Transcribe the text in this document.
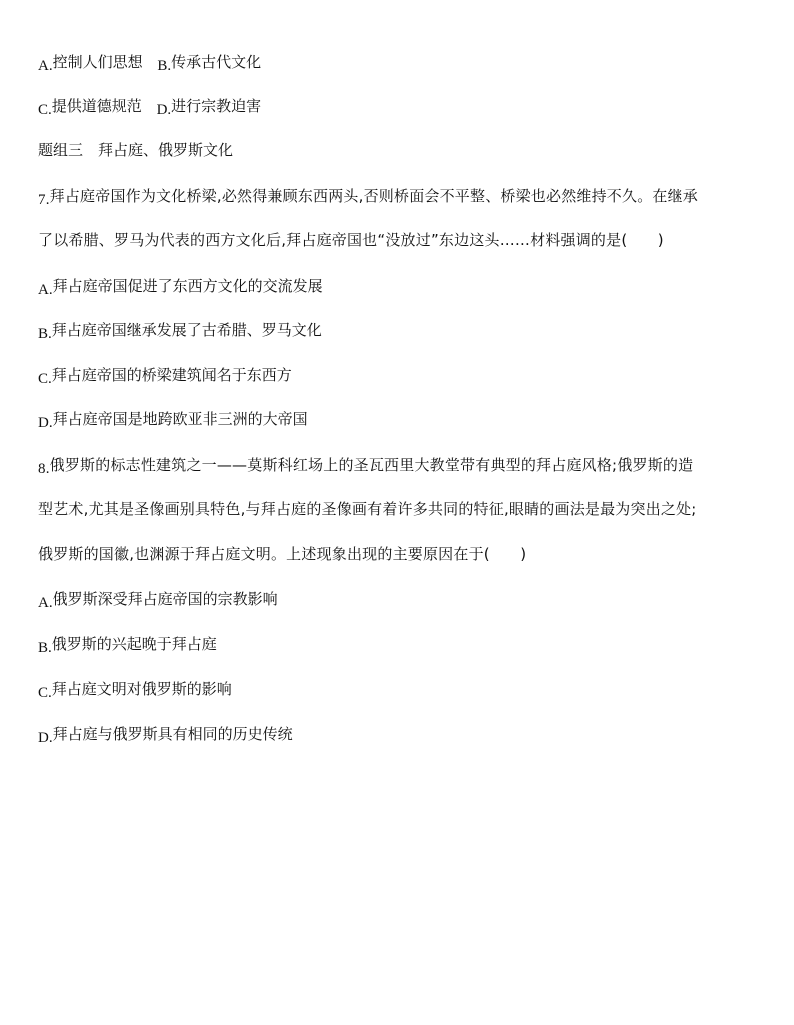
A.控制人们思想 B.传承古代文化
C.提供道德规范 D.进行宗教迫害
题组三　拜占庭、俄罗斯文化
7.拜占庭帝国作为文化桥梁,必然得兼顾东西两头,否则桥面会不平整、桥梁也必然维持不久。在继承
了以希腊、罗马为代表的西方文化后,拜占庭帝国也“没放过”东边这头……材料强调的是(　　)
A.拜占庭帝国促进了东西方文化的交流发展
B.拜占庭帝国继承发展了古希腊、罗马文化
C.拜占庭帝国的桥梁建筑闻名于东西方
D.拜占庭帝国是地跨欧亚非三洲的大帝国
8.俄罗斯的标志性建筑之一——莫斯科红场上的圣瓦西里大教堂带有典型的拜占庭风格;俄罗斯的造
型艺术,尤其是圣像画别具特色,与拜占庭的圣像画有着许多共同的特征,眼睛的画法是最为突出之处;
俄罗斯的国徽,也渊源于拜占庭文明。上述现象出现的主要原因在于(　　)
A.俄罗斯深受拜占庭帝国的宗教影响
B.俄罗斯的兴起晚于拜占庭
C.拜占庭文明对俄罗斯的影响
D.拜占庭与俄罗斯具有相同的历史传统
